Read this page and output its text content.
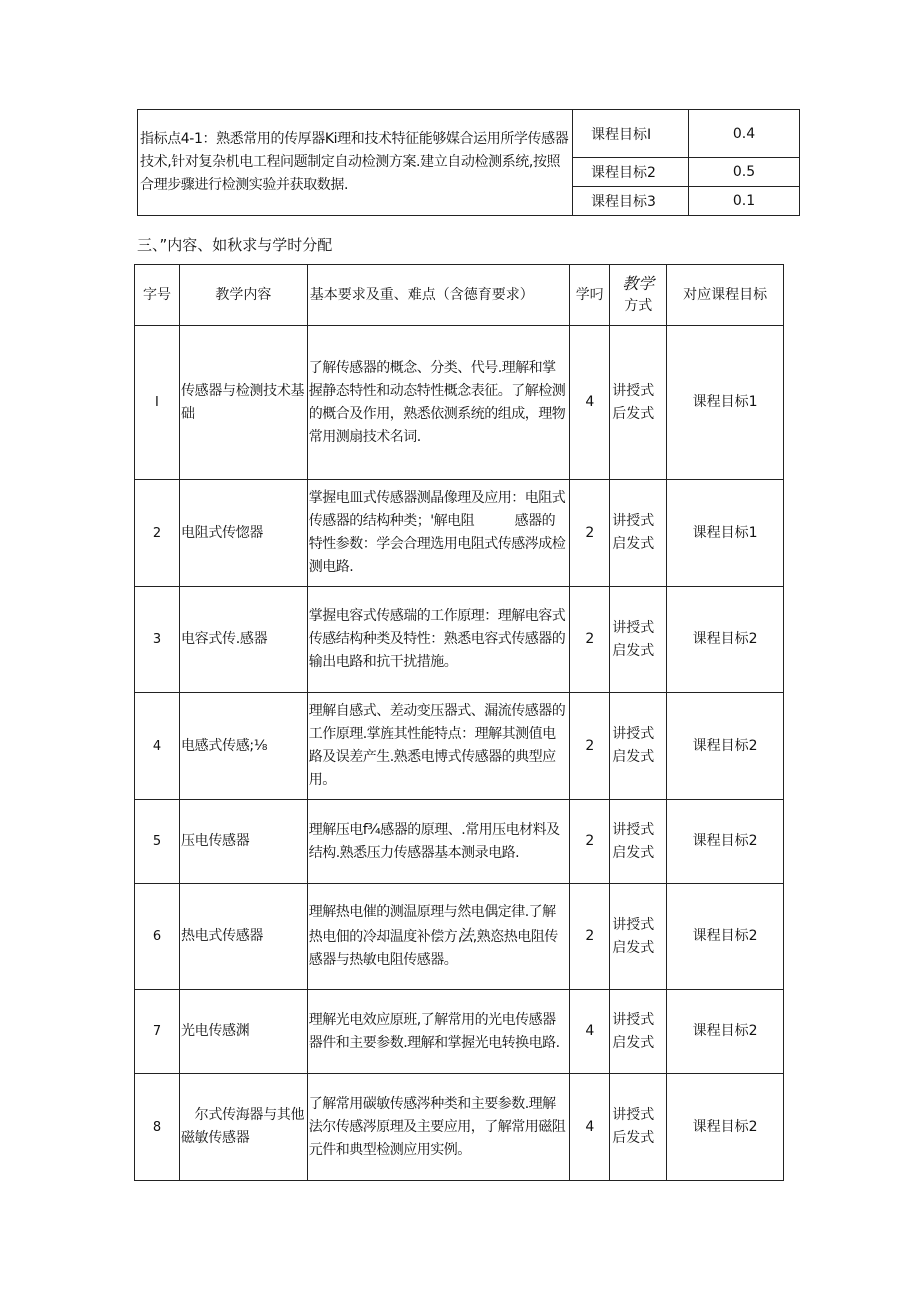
指标点4-1：熟悉常用的传厚器Ki理和技术特征能够媒合运用所学传感器技术,针对复杂机电工程问题制定自动检测方案.建立自动检测系统,按照合理步骤进行检测实验并获取数据.	课程目标I	0.4
	课程目标2	0.5
	课程目标3	0.1

三、”内容、如秋求与学时分配

字号	教学内容	基本要求及重、难点（含德育要求）	学叼	教学
方式	对应课程目标
I	传感器与检测技术基础	了解传感器的概念、分类、代号.理解和掌握静态特性和动态特性概念表征。了解检测的概合及作用，熟悉依测系统的组成，理物常用测扇技术名词.	4	讲授式后发式	课程目标1
2	电阻式传惚器	掌握电皿式传感器测晶像理及应用：电阻式传感器的结构种类；'解电阻　　　感器的特性参数：学会合理选用电阻式传感涔成检测电路.	2	讲授式启发式	课程目标1
3	电容式传.感器	掌握电容式传感瑞的工作原理：理解电容式传感结构种类及特性：熟悉电容式传感器的输出电路和抗干扰措施。	2	讲授式启发式	课程目标2
4	电感式传感;⅛	理解自感式、差动变压器式、漏流传感器的工作原理.掌旌其性能特点：理解其测值电路及误差产生.熟悉电博式传感器的典型应用。	2	讲授式启发式	课程目标2
5	压电传感器	理解压电f¾感器的原理、.常用压电材料及结构.熟悉压力传感器基本测录电路.	2	讲授式启发式	课程目标2
6	热电式传感器	理解热电催的测温原理与然电偶定律.了解热电佃的冷却温度补偿方法,熟恣热电阻传感器与热敏电阻传感器。	2	讲授式启发式	课程目标2
7	光电传感渊	理解光电效应原班,了解常用的光电传感器器件和主要参数.理解和掌握光电转换电路.	4	讲授式启发式	课程目标2
8	　尔式传海器与其他磁敏传感器	了解常用碳敏传感涔种类和主要参数.理解法尔传感涔原理及主要应用，了解常用磁阻元件和典型检测应用实例。	4	讲授式后发式	课程目标2
